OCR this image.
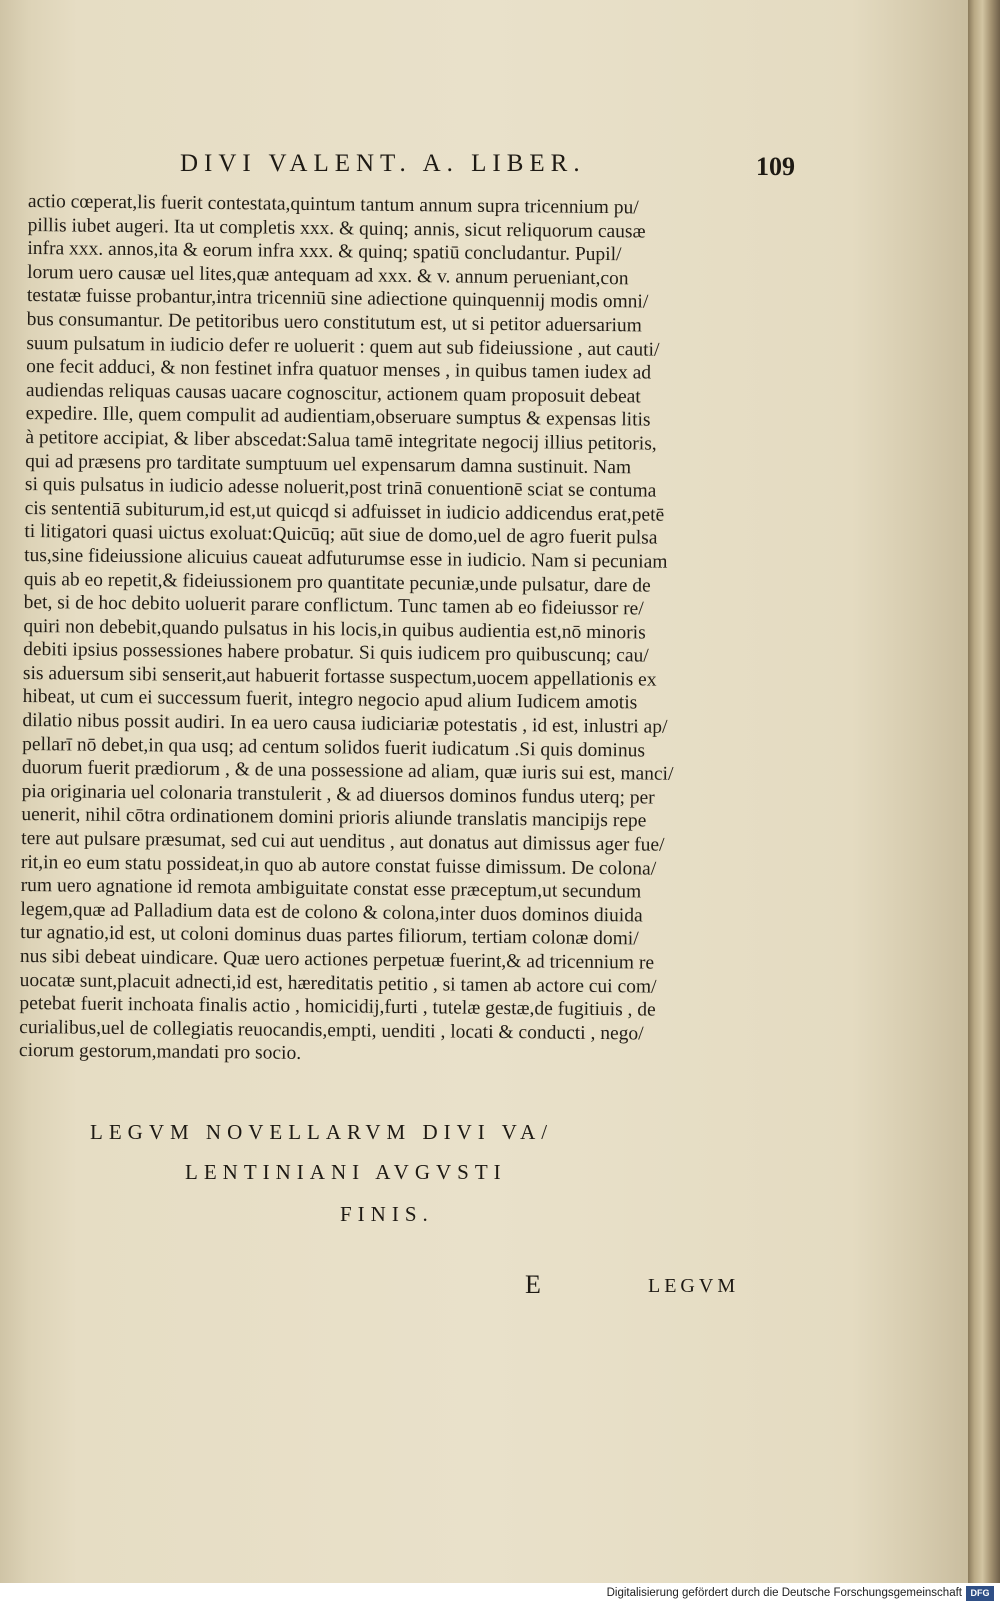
DIVI VALENT. A. LIBER.	109
actio cœperat,lis fuerit contestata,quintum tantum annum supra tricennium pu/
pillis iubet augeri. Ita ut completis xxx. & quinq; annis, sicut reliquorum causæ
infra xxx. annos,ita & eorum infra xxx. & quinq; spatiū concludantur. Pupil/
lorum uero causæ uel lites,quæ antequam ad xxx. & v. annum perueniant,con
testatæ fuisse probantur,intra tricenniū sine adiectione quinquennij modis omni/
bus consumantur. De petitoribus uero constitutum est, ut si petitor aduersarium
suum pulsatum in iudicio defer re uoluerit : quem aut sub fideiussione , aut cauti/
one fecit adduci, & non festinet infra quatuor menses , in quibus tamen iudex ad
audiendas reliquas causas uacare cognoscitur, actionem quam proposuit debeat
expedire. Ille, quem compulit ad audientiam,obseruare sumptus & expensas litis
à petitore accipiat, & liber abscedat:Salua tamē integritate negocij illius petitoris,
qui ad præsens pro tarditate sumptuum uel expensarum damna sustinuit. Nam
si quis pulsatus in iudicio adesse noluerit,post trinā conuentionē sciat se contuma
cis sententiā subiturum,id est,ut quicqd si adfuisset in iudicio addicendus erat,petē
ti litigatori quasi uictus exoluat:Quicūq; aūt siue de domo,uel de agro fuerit pulsa
tus,sine fideiussione alicuius caueat adfuturumse esse in iudicio. Nam si pecuniam
quis ab eo repetit,& fideiussionem pro quantitate pecuniæ,unde pulsatur, dare de
bet, si de hoc debito uoluerit parare conflictum. Tunc tamen ab eo fideiussor re/
quiri non debebit,quando pulsatus in his locis,in quibus audientia est,nō minoris
debiti ipsius possessiones habere probatur. Si quis iudicem pro quibuscunq; cau/
sis aduersum sibi senserit,aut habuerit fortasse suspectum,uocem appellationis ex
hibeat, ut cum ei successum fuerit, integro negocio apud alium Iudicem amotis
dilatio nibus possit audiri. In ea uero causa iudiciariæ potestatis , id est, inlustri ap/
pellarī nō debet,in qua usq; ad centum solidos fuerit iudicatum .Si quis dominus
duorum fuerit prædiorum , & de una possessione ad aliam, quæ iuris sui est, manci/
pia originaria uel colonaria transtulerit , & ad diuersos dominos fundus uterq; per
uenerit, nihil cōtra ordinationem domini prioris aliunde translatis mancipijs repe
tere aut pulsare præsumat, sed cui aut uenditus , aut donatus aut dimissus ager fue/
rit,in eo eum statu possideat,in quo ab autore constat fuisse dimissum. De colona/
rum uero agnatione id remota ambiguitate constat esse præceptum,ut secundum
legem,quæ ad Palladium data est de colono & colona,inter duos dominos diuida
tur agnatio,id est, ut coloni dominus duas partes filiorum, tertiam colonæ domi/
nus sibi debeat uindicare. Quæ uero actiones perpetuæ fuerint,& ad tricennium re
uocatæ sunt,placuit adnecti,id est, hæreditatis petitio , si tamen ab actore cui com/
petebat fuerit inchoata finalis actio , homicidij,furti , tutelæ gestæ,de fugitiuis , de
curialibus,uel de collegiatis reuocandis,empti, uenditi , locati & conducti , nego/
ciorum gestorum,mandati pro socio.
LEGVM NOVELLARVM DIVI VA/
LENTINIANI AVGVSTI
FINIS.
E	LEGVM
Digitalisierung gefördert durch die Deutsche Forschungsgemeinschaft DFG
